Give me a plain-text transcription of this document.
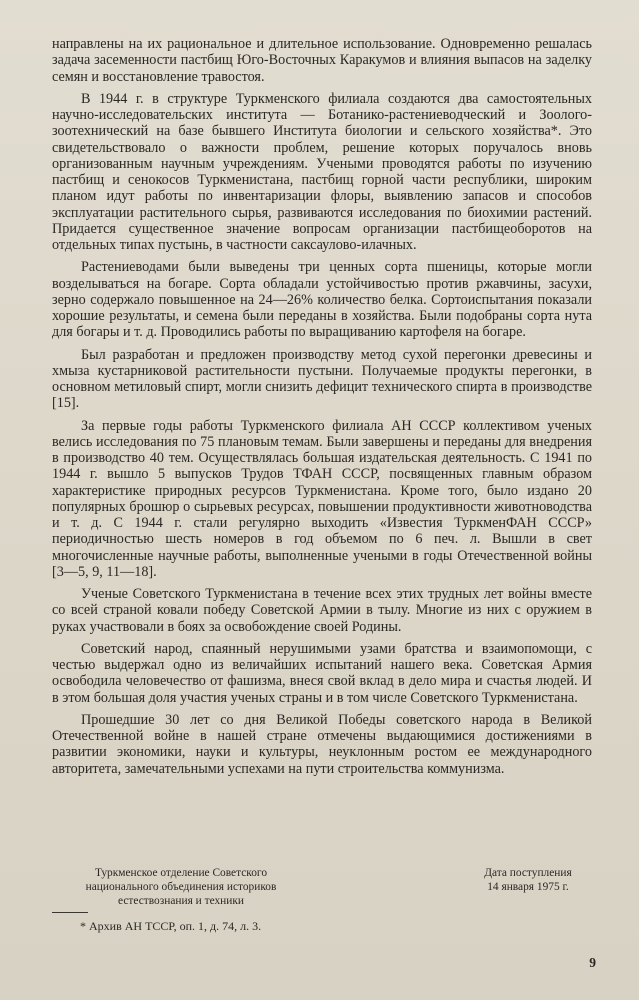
направлены на их рациональное и длительное использование. Одновременно решалась задача засеменности пастбищ Юго-Восточных Каракумов и влияния выпасов на заделку семян и восстановление травостоя.

В 1944 г. в структуре Туркменского филиала создаются два самостоятельных научно-исследовательских института — Ботанико-растениеводческий и Зоолого-зоотехнический на базе бывшего Института биологии и сельского хозяйства*. Это свидетельствовало о важности проблем, решение которых поручалось вновь организованным научным учреждениям. Учеными проводятся работы по изучению пастбищ и сенокосов Туркменистана, пастбищ горной части республики, широким планом идут работы по инвентаризации флоры, выявлению запасов и способов эксплуатации растительного сырья, развиваются исследования по биохимии растений. Придается существенное значение вопросам организации пастбищеоборотов на отдельных типах пустынь, в частности саксаулово-илачных.

Растениеводами были выведены три ценных сорта пшеницы, которые могли возделываться на богаре. Сорта обладали устойчивостью против ржавчины, засухи, зерно содержало повышенное на 24—26% количество белка. Сортоиспытания показали хорошие результаты, и семена были переданы в хозяйства. Были подобраны сорта нута для богары и т. д. Проводились работы по выращиванию картофеля на богаре.

Был разработан и предложен производству метод сухой перегонки древесины и хмыза кустарниковой растительности пустыни. Получаемые продукты перегонки, в основном метиловый спирт, могли снизить дефицит технического спирта в производстве [15].

За первые годы работы Туркменского филиала АН СССР коллективом ученых велись исследования по 75 плановым темам. Были завершены и переданы для внедрения в производство 40 тем. Осуществлялась большая издательская деятельность. С 1941 по 1944 г. вышло 5 выпусков Трудов ТФАН СССР, посвященных главным образом характеристике природных ресурсов Туркменистана. Кроме того, было издано 20 популярных брошюр о сырьевых ресурсах, повышении продуктивности животноводства и т. д. С 1944 г. стали регулярно выходить «Известия ТуркменФАН СССР» периодичностью шесть номеров в год объемом по 6 печ. л. Вышли в свет многочисленные научные работы, выполненные учеными в годы Отечественной войны [3—5, 9, 11—18].

Ученые Советского Туркменистана в течение всех этих трудных лет войны вместе со всей страной ковали победу Советской Армии в тылу. Многие из них с оружием в руках участвовали в боях за освобождение своей Родины.

Советский народ, спаянный нерушимыми узами братства и взаимопомощи, с честью выдержал одно из величайших испытаний нашего века. Советская Армия освободила человечество от фашизма, внеся свой вклад в дело мира и счастья людей. И в этом большая доля участия ученых страны и в том числе Советского Туркменистана.

Прошедшие 30 лет со дня Великой Победы советского народа в Великой Отечественной войне в нашей стране отмечены выдающимися достижениями в развитии экономики, науки и культуры, неуклонным ростом ее международного авторитета, замечательными успехами на пути строительства коммунизма.

Туркменское отделение Советского
национального объединения историков
естествознания и техники
Дата поступления
14 января 1975 г.
* Архив АН ТССР, оп. 1, д. 74, л. 3.
9
